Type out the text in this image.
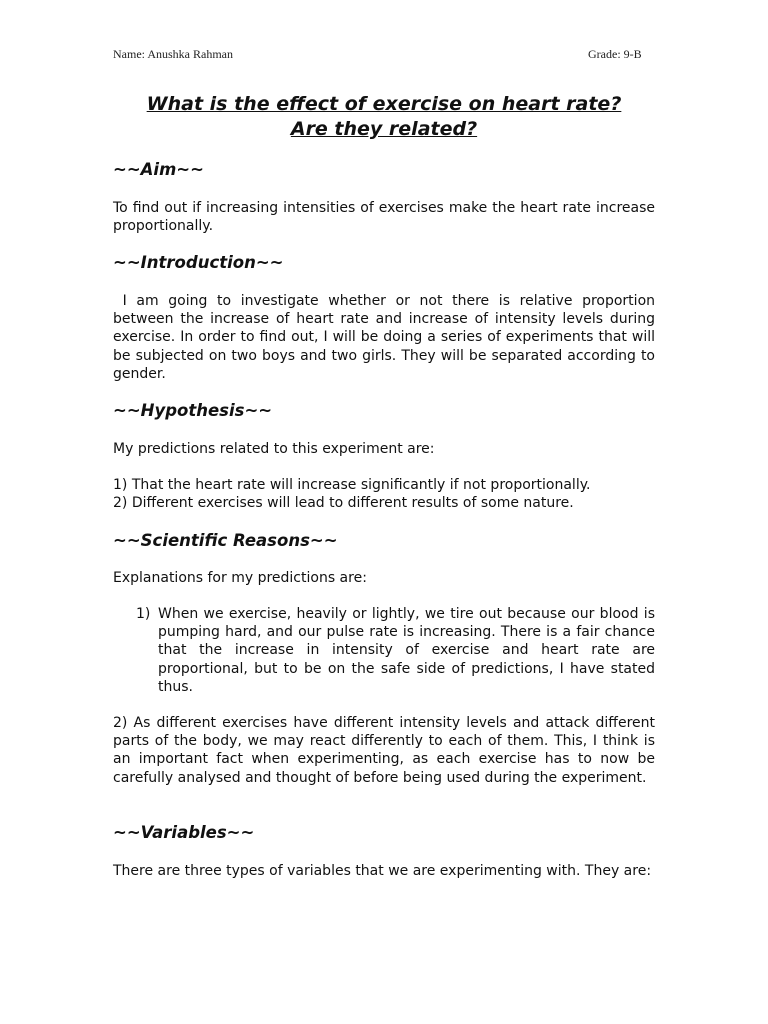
Name: Anushka Rahman	Grade: 9-B
What is the effect of exercise on heart rate?
Are they related?
~~Aim~~

To find out if increasing intensities of exercises make the heart rate increase proportionally.

~~Introduction~~

I am going to investigate whether or not there is relative proportion between the increase of heart rate and increase of intensity levels during exercise. In order to find out, I will be doing a series of experiments that will be subjected on two boys and two girls. They will be separated according to gender.

~~Hypothesis~~

My predictions related to this experiment are:

1) That the heart rate will increase significantly if not proportionally.

2) Different exercises will lead to different results of some nature.

~~Scientific Reasons~~

Explanations for my predictions are:

1) When we exercise, heavily or lightly, we tire out because our blood is pumping hard, and our pulse rate is increasing. There is a fair chance that the increase in intensity of exercise and heart rate are proportional, but to be on the safe side of predictions, I have stated thus.

2) As different exercises have different intensity levels and attack different parts of the body, we may react differently to each of them. This, I think is an important fact when experimenting, as each exercise has to now be carefully analysed and thought of before being used during the experiment.

~~Variables~~

There are three types of variables that we are experimenting with. They are:
